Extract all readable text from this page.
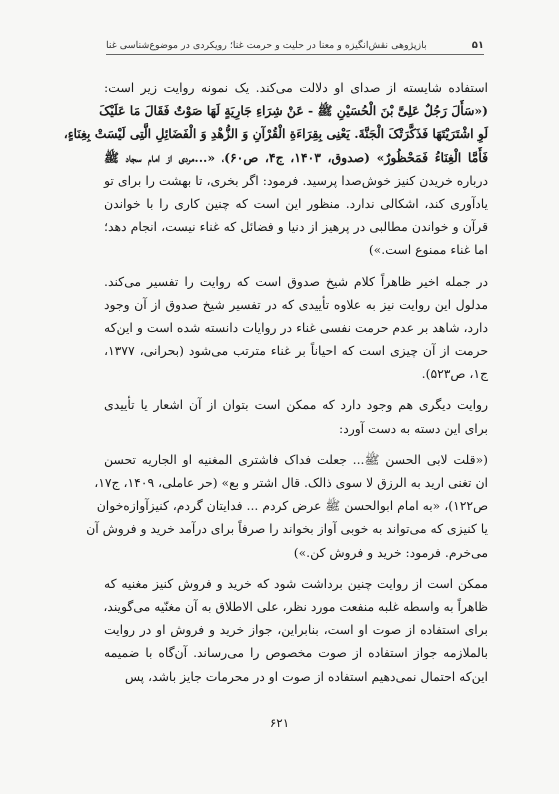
۵۱
بازپژوهی نقش‌انگیزه و معنا در حلیت و حرمت غنا؛ رویکردی در موضوع‌شناسی غنا
استفاده شایسته از صدای او دلالت می‌کند. یک نمونه روایت زیر است:
(«سَأَلَ رَجُلٌ عَلِیَّ بْنَ الْحُسَیْنِ ﷺ - عَنْ شِرَاءِ جَارِیَةٍ لَهَا صَوْتٌ فَقَالَ مَا عَلَیْکَ
لَوِ اشْتَرَیْتَهَا فَذَکَّرَتْکَ الْجَنَّةَ. یَعْنِی بِقِرَاءَةِ الْقُرْآنِ وَ الزُّهْدِ وَ الْفَضَائِلِ الَّتِی لَیْسَتْ بِغِنَاءٍ،
فَأَمَّا الْغِنَاءُ فَمَحْظُورٌ» (صدوق، ۱۴۰۳، ج۴، ص۶۰)، «...مردی از امام سجاد ﷺ
درباره خریدن کنیز خوش‌صدا پرسید. فرمود: اگر بخری، تا بهشت را برای تو
یادآوری کند، اشکالی ندارد. منظور این است که چنین کاری را با خواندن
قرآن و خواندن مطالبی در پرهیز از دنیا و فضائل که غناء نیست، انجام دهد؛
اما غناء ممنوع است.»)
در جمله اخیر ظاهراً کلام شیخ صدوق است که روایت را تفسیر می‌کند.
مدلول این روایت نیز به علاوه تأییدی که در تفسیر شیخ صدوق از آن وجود
دارد، شاهد بر عدم حرمت نفسی غناء در روایات دانسته شده است و این‌که
حرمت از آن چیزی است که احیاناً بر غناء مترتب می‌شود (بحرانی، ۱۳۷۷،
ج۱، ص۵۲۳).
روایت دیگری هم وجود دارد که ممکن است بتوان از آن اشعار یا تأییدی
برای این دسته به دست آورد:
(«قلت لابی الحسن ﷺ... جعلت فداک فاشتری المغنیه او الجاریه تحسن
ان تغنی ارید به الرزق لا سوی ذالک. قال اشتر و بع» (حر عاملی، ۱۴۰۹، ج۱۷،
ص۱۲۲)، «به امام ابوالحسن ﷺ عرض کردم ... فدایتان گردم، کنیزآوازه‌خوان
یا کنیزی که می‌تواند به خوبی آواز بخواند را صرفاً برای درآمد خرید و فروش آن
می‌خرم. فرمود: خرید و فروش کن.»)
ممکن است از روایت چنین برداشت شود که خرید و فروش کنیز مغنیه که
ظاهراً به واسطه غلبه منفعت مورد نظر، علی الاطلاق به آن مغنّیه می‌گویند،
برای استفاده از صوت او است، بنابراین، جواز خرید و فروش او در روایت
بالملازمه جواز استفاده از صوت مخصوص را می‌رساند. آن‌گاه با ضمیمه
این‌که احتمال نمی‌دهیم استفاده از صوت او در محرمات جایز باشد، پس
۶۲۱
